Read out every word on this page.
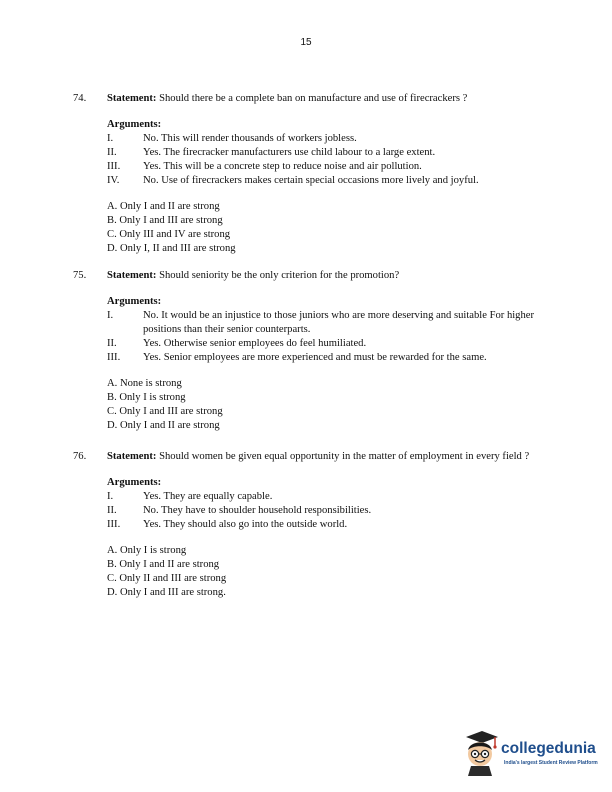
15
74. Statement: Should there be a complete ban on manufacture and use of firecrackers ?
Arguments:
I.	No. This will render thousands of workers jobless.
II. Yes. The firecracker manufacturers use child labour to a large extent.
III. Yes. This will be a concrete step to reduce noise and air pollution.
IV. No. Use of firecrackers makes certain special occasions more lively and joyful.
A. Only I and II are strong
B. Only I and III are strong
C. Only III and IV are strong
D. Only I, II and III are strong
75. Statement: Should seniority be the only criterion for the promotion?
Arguments:
I.	No. It would be an injustice to those juniors who are more deserving and suitable For higher positions than their senior counterparts.
II. Yes. Otherwise senior employees do feel humiliated.
III. Yes. Senior employees are more experienced and must be rewarded for the same.
A. None is strong
B. Only I is strong
C. Only I and III are strong
D. Only I and II are strong
76. Statement: Should women be given equal opportunity in the matter of employment in every field ?
Arguments:
I.	Yes. They are equally capable.
II. No. They have to shoulder household responsibilities.
III. Yes. They should also go into the outside world.
A. Only I is strong
B. Only I and II are strong
C. Only II and III are strong
D. Only I and III are strong.
collegedunia
India's largest Student Review Platform
